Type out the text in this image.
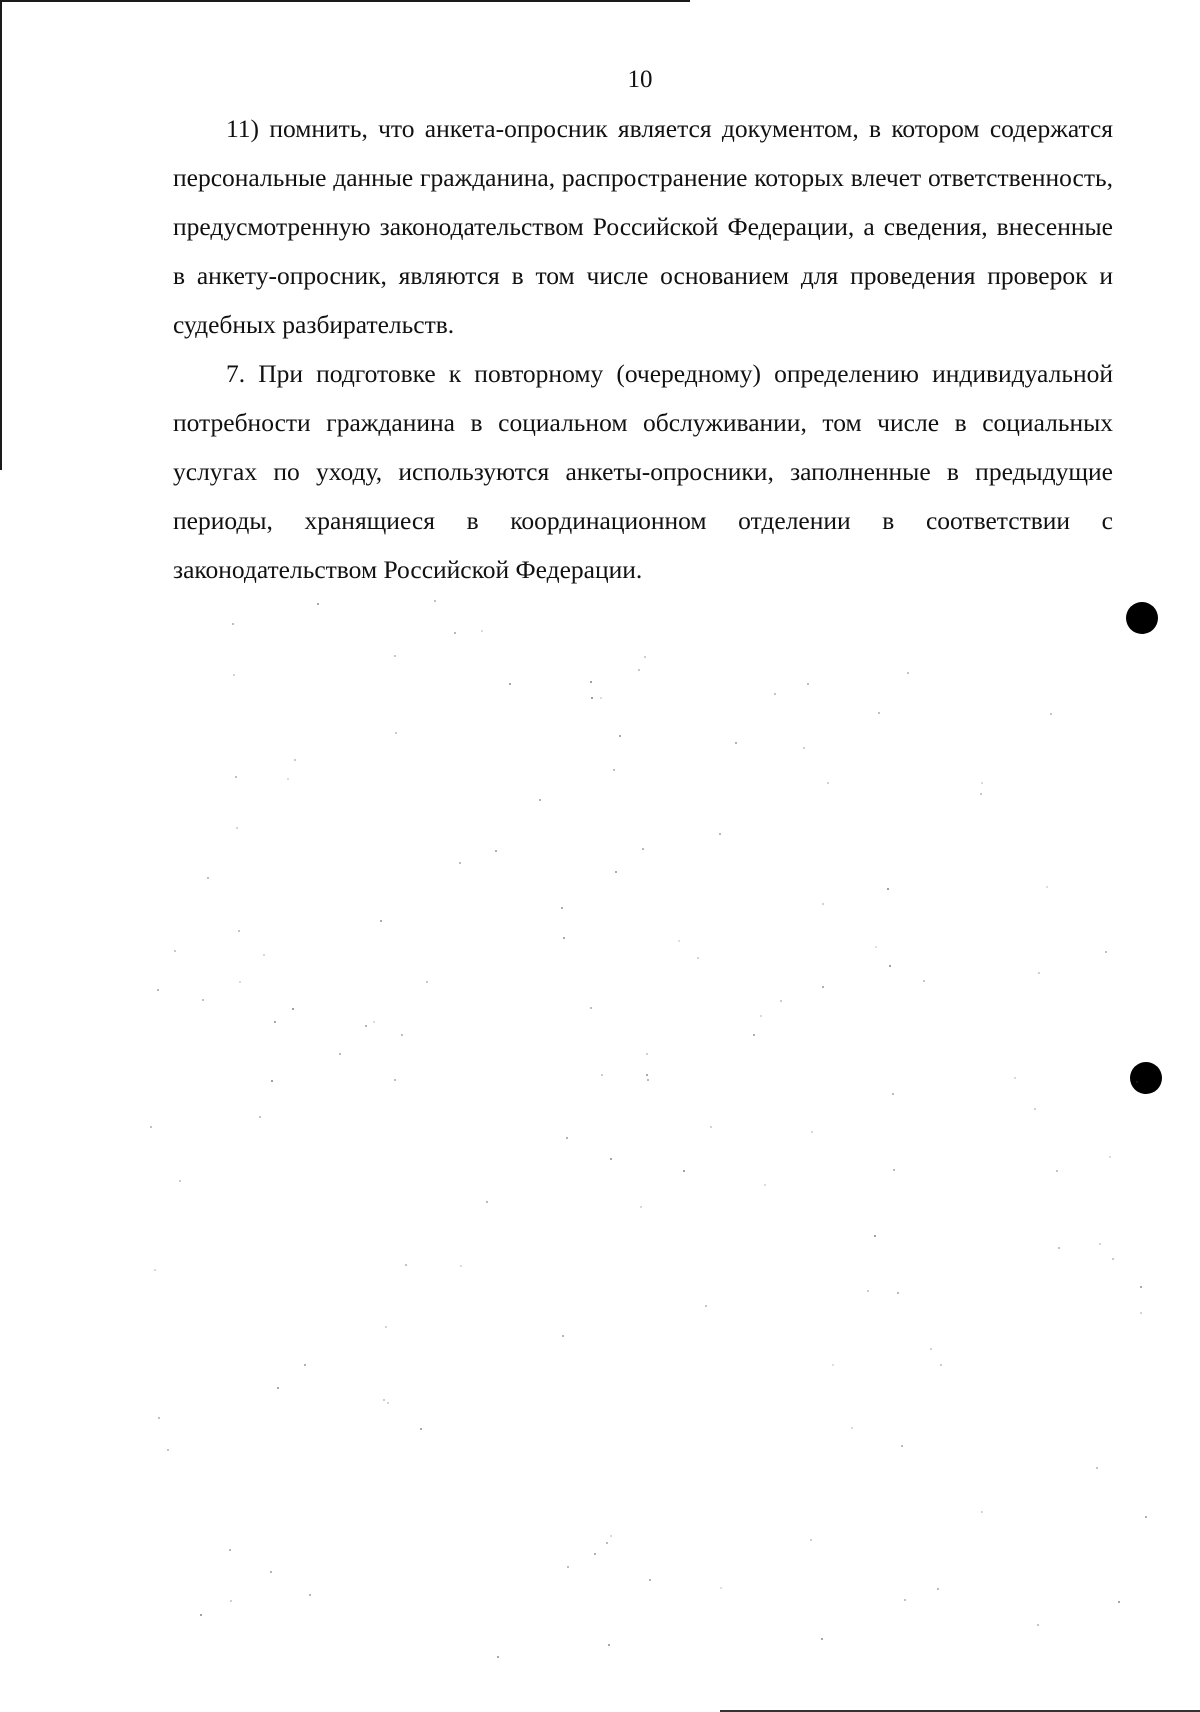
10

11) помнить, что анкета-опросник является документом, в котором содержатся персональные данные гражданина, распространение которых влечет ответственность, предусмотренную законодательством Российской Федерации, а сведения, внесенные в анкету-опросник, являются в том числе основанием для проведения проверок и судебных разбирательств.

7. При подготовке к повторному (очередному) определению индивидуальной потребности гражданина в социальном обслуживании, том числе в социальных услугах по уходу, используются анкеты-опросники, заполненные в предыдущие периоды, хранящиеся в координационном отделении в соответствии с законодательством Российской Федерации.
